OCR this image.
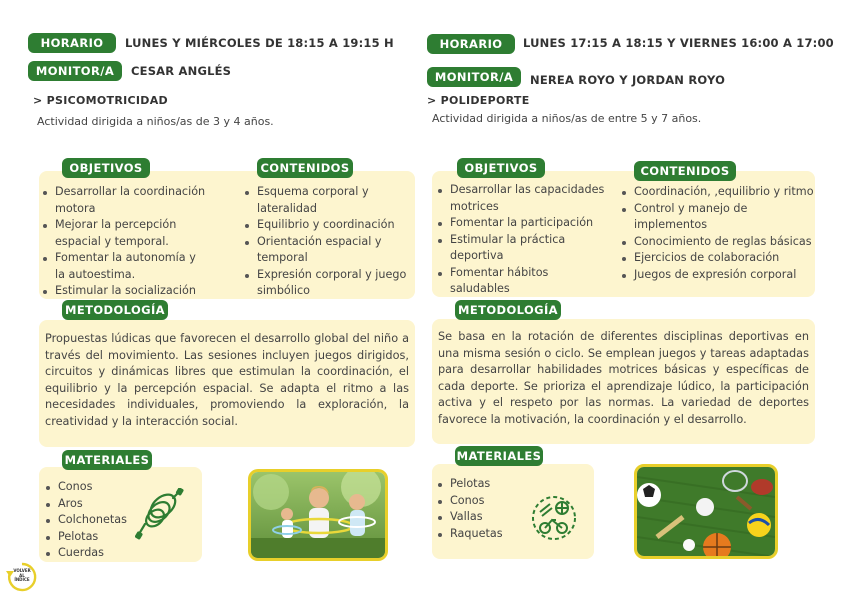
HORARIO	LUNES Y MIÉRCOLES DE 18:15 A 19:15 H
MONITOR/A	CESAR ANGLÉS
> PSICOMOTRICIDAD
Actividad dirigida a niños/as de 3 y 4 años.
OBJETIVOS	CONTENIDOS
Desarrollar la coordinación motora
Mejorar la percepción espacial y temporal.
Fomentar la autonomía y la autoestima.
Estimular la socialización
Esquema corporal y lateralidad
Equilibrio y coordinación
Orientación espacial y temporal
Expresión corporal y juego simbólico
METODOLOGÍA
Propuestas lúdicas que favorecen el desarrollo global del niño a través del movimiento. Las sesiones incluyen juegos dirigidos, circuitos y dinámicas libres que estimulan la coordinación, el equilibrio y la percepción espacial. Se adapta el ritmo a las necesidades individuales, promoviendo la exploración, la creatividad y la interacción social.
MATERIALES
Conos
Aros
Colchonetas
Pelotas
Cuerdas
VOLVER
AL
ÍNDICE
HORARIO	LUNES 17:15 A 18:15 Y VIERNES 16:00 A 17:00
MONITOR/A	NEREA ROYO Y JORDAN ROYO
> POLIDEPORTE
Actividad dirigida a niños/as de entre 5 y 7 años.
OBJETIVOS	CONTENIDOS
Desarrollar las capacidades motrices
Fomentar la participación
Estimular la práctica deportiva
Fomentar hábitos saludables
Coordinación, ,equilibrio y ritmo
Control y manejo de implementos
Conocimiento de reglas básicas
Ejercicios de colaboración
Juegos de expresión corporal
METODOLOGÍA
Se basa en la rotación de diferentes disciplinas deportivas en una misma sesión o ciclo. Se emplean juegos y tareas adaptadas para desarrollar habilidades motrices básicas y específicas de cada deporte. Se prioriza el aprendizaje lúdico, la participación activa y el respeto por las normas. La variedad de deportes favorece la motivación, la coordinación y el desarrollo.
MATERIALES
Pelotas
Conos
Vallas
Raquetas
